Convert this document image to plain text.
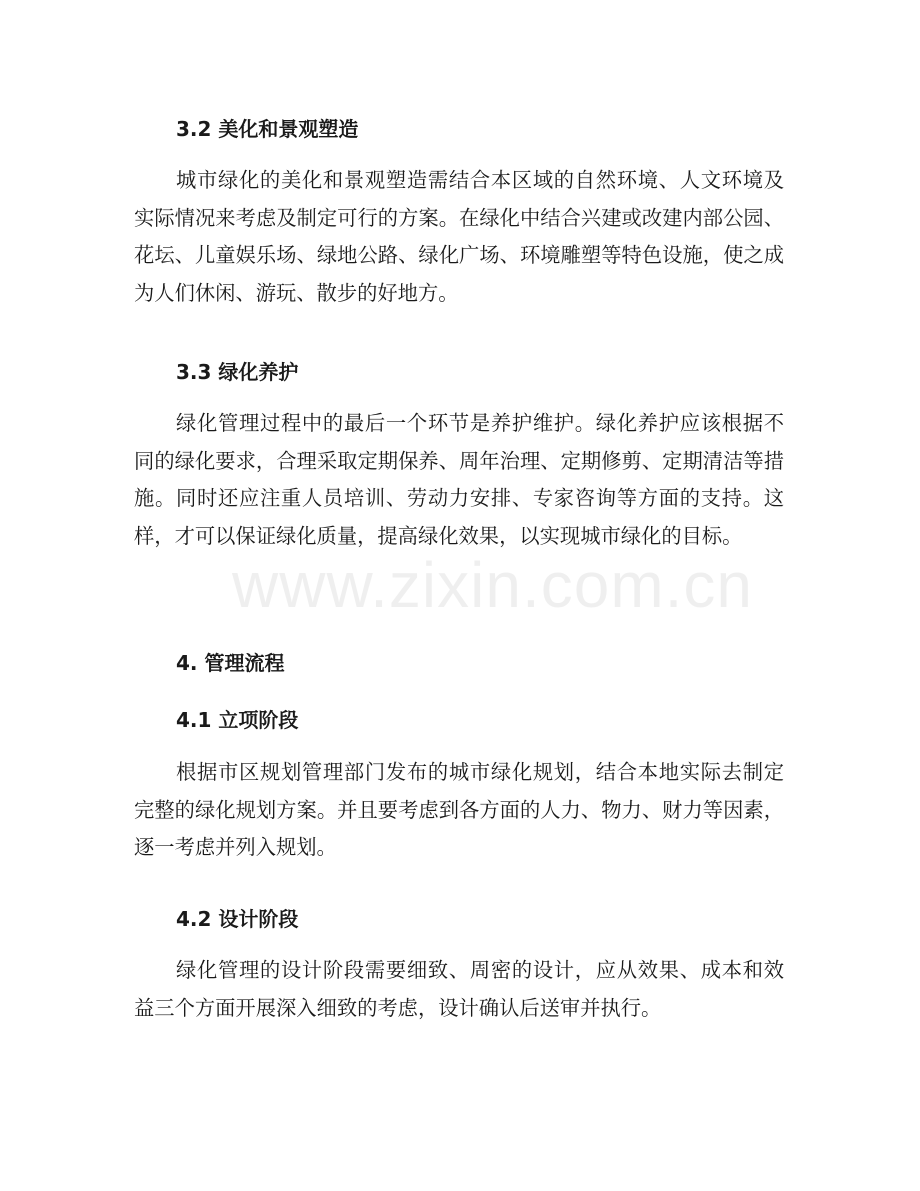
3.2 美化和景观塑造

城市绿化的美化和景观塑造需结合本区域的自然环境、人文环境及实际情况来考虑及制定可行的方案。在绿化中结合兴建或改建内部公园、花坛、儿童娱乐场、绿地公路、绿化广场、环境雕塑等特色设施，使之成为人们休闲、游玩、散步的好地方。

3.3 绿化养护

绿化管理过程中的最后一个环节是养护维护。绿化养护应该根据不同的绿化要求，合理采取定期保养、周年治理、定期修剪、定期清洁等措施。同时还应注重人员培训、劳动力安排、专家咨询等方面的支持。这样，才可以保证绿化质量，提高绿化效果，以实现城市绿化的目标。

4. 管理流程
4.1 立项阶段

根据市区规划管理部门发布的城市绿化规划，结合本地实际去制定完整的绿化规划方案。并且要考虑到各方面的人力、物力、财力等因素，逐一考虑并列入规划。

4.2 设计阶段

绿化管理的设计阶段需要细致、周密的设计，应从效果、成本和效益三个方面开展深入细致的考虑，设计确认后送审并执行。

www.zixin.com.cn
